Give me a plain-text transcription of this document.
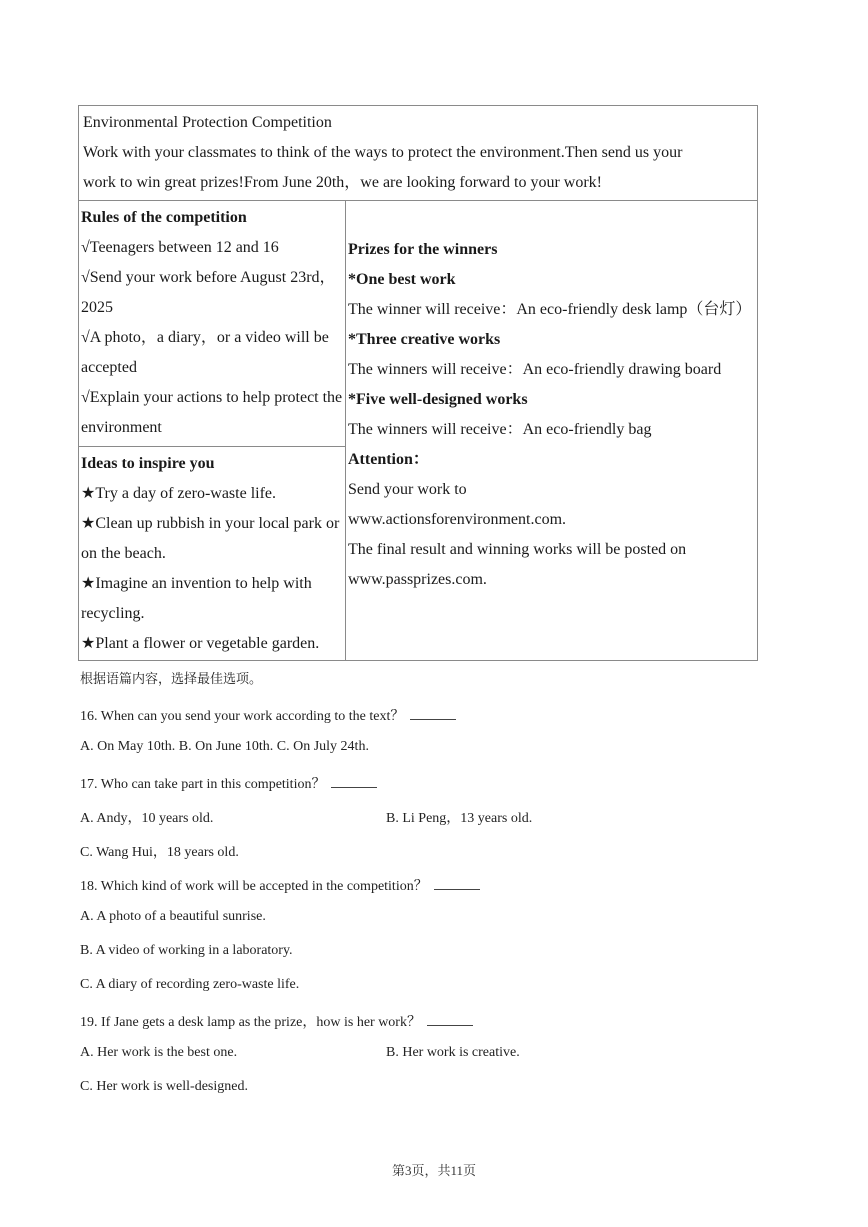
Environmental Protection Competition
Work with your classmates to think of the ways to protect the environment.Then send us your
work to win great prizes!From June 20th，we are looking forward to your work!
Rules of the competition
√Teenagers between 12 and 16
√Send your work before August 23rd，2025
√A photo，a diary，or a video will be accepted
√Explain your actions to help protect the environment
Ideas to inspire you
★Try a day of zero-waste life.
★Clean up rubbish in your local park or on the beach.
★Imagine an invention to help with recycling.
★Plant a flower or vegetable garden.
Prizes for the winners
*One best work
The winner will receive：An eco-friendly desk lamp（台灯）
*Three creative works
The winners will receive：An eco-friendly drawing board
*Five well-designed works
The winners will receive：An eco-friendly bag
Attention：
Send your work to
www.actionsforenvironment.com.
The final result and winning works will be posted on
www.passprizes.com.
根据语篇内容，选择最佳选项。
16. When can you send your work according to the text？
A. On May 10th. B. On June 10th. C. On July 24th.
17. Who can take part in this competition？
A. Andy，10 years old.	B. Li Peng，13 years old.
C. Wang Hui，18 years old.
18. Which kind of work will be accepted in the competition？
A. A photo of a beautiful sunrise.
B. A video of working in a laboratory.
C. A diary of recording zero-waste life.
19. If Jane gets a desk lamp as the prize，how is her work？
A. Her work is the best one.	B. Her work is creative.
C. Her work is well-designed.
第3页，共11页
